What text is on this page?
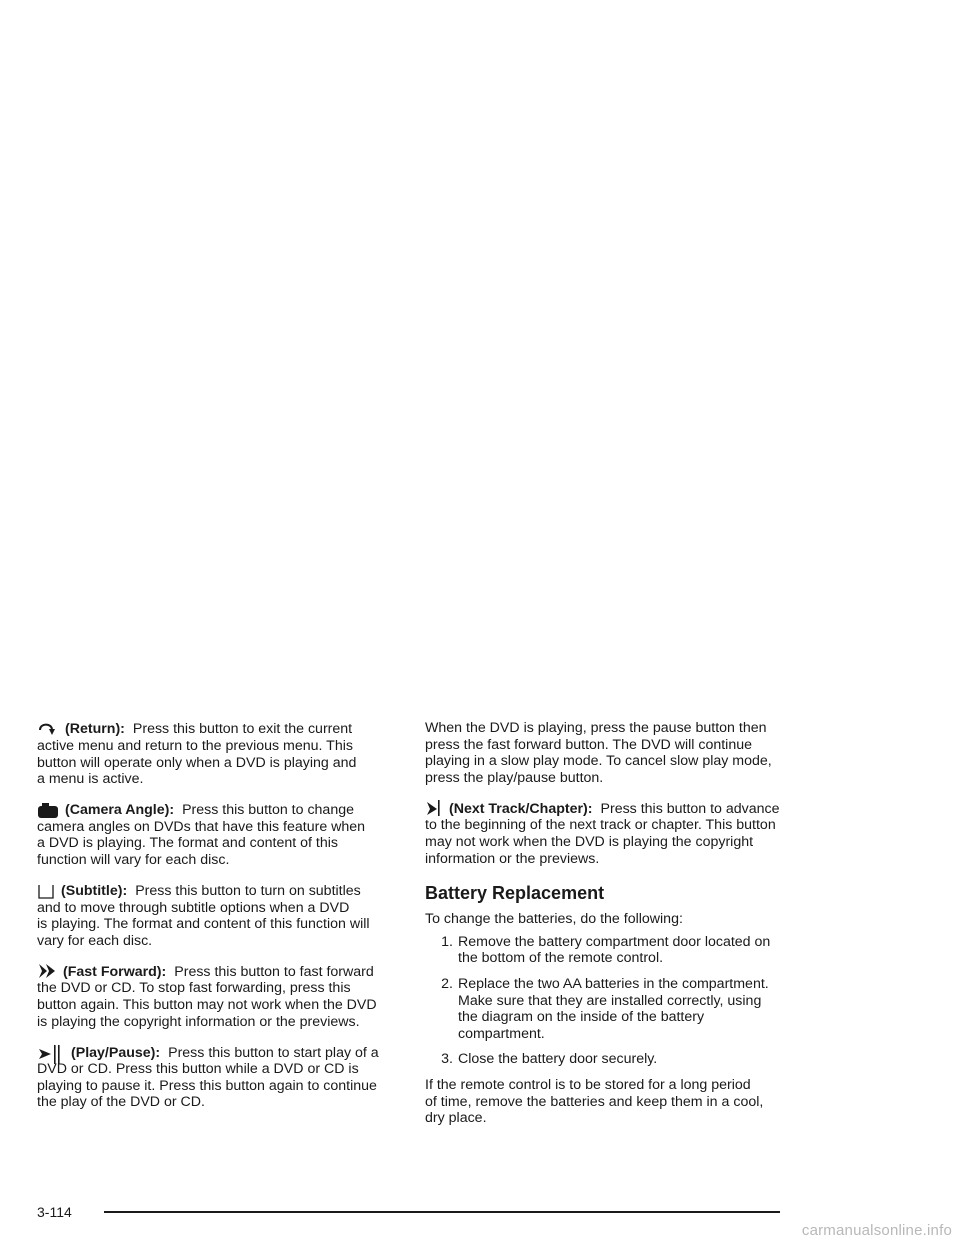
(Return): Press this button to exit the current
active menu and return to the previous menu. This
button will operate only when a DVD is playing and
a menu is active.
(Camera Angle): Press this button to change
camera angles on DVDs that have this feature when
a DVD is playing. The format and content of this
function will vary for each disc.
(Subtitle): Press this button to turn on subtitles
and to move through subtitle options when a DVD
is playing. The format and content of this function will
vary for each disc.
(Fast Forward): Press this button to fast forward
the DVD or CD. To stop fast forwarding, press this
button again. This button may not work when the DVD
is playing the copyright information or the previews.
(Play/Pause): Press this button to start play of a
DVD or CD. Press this button while a DVD or CD is
playing to pause it. Press this button again to continue
the play of the DVD or CD.
When the DVD is playing, press the pause button then
press the fast forward button. The DVD will continue
playing in a slow play mode. To cancel slow play mode,
press the play/pause button.
(Next Track/Chapter): Press this button to advance
to the beginning of the next track or chapter. This button
may not work when the DVD is playing the copyright
information or the previews.
Battery Replacement
To change the batteries, do the following:
1. Remove the battery compartment door located on
the bottom of the remote control.
2. Replace the two AA batteries in the compartment.
Make sure that they are installed correctly, using
the diagram on the inside of the battery
compartment.
3. Close the battery door securely.
If the remote control is to be stored for a long period
of time, remove the batteries and keep them in a cool,
dry place.
3-114
carmanualsonline.info
